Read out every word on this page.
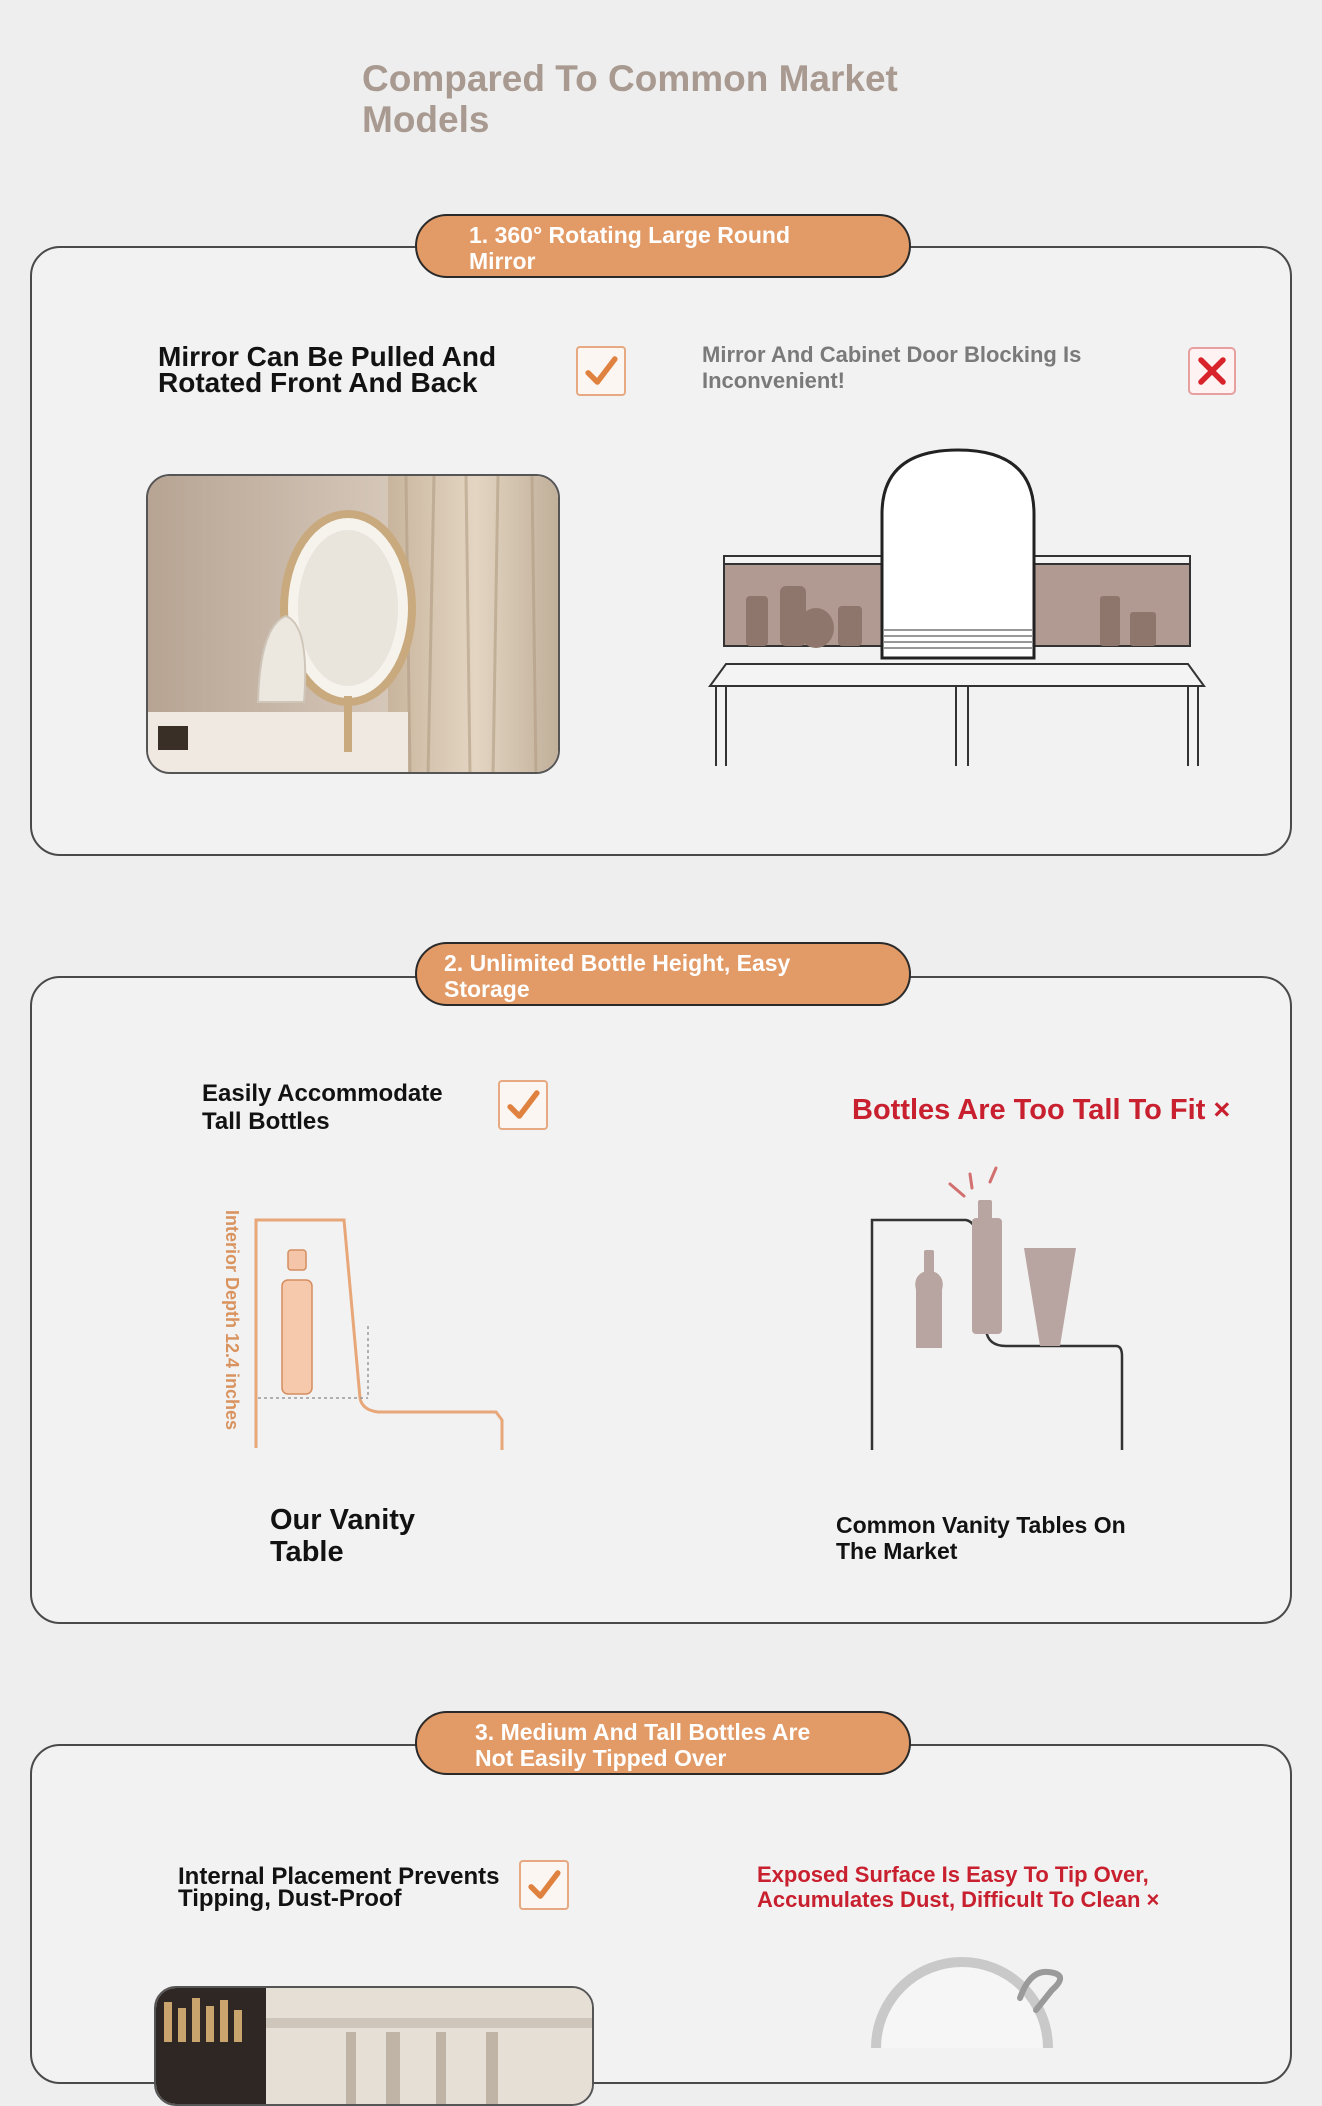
Compared To Common Market Models
1. 360° Rotating Large Round
Mirror
Mirror Can Be Pulled And
Rotated Front And Back
Mirror And Cabinet Door Blocking Is
Inconvenient!
2. Unlimited Bottle Height, Easy
Storage
Easily Accommodate
Tall Bottles	Bottles Are Too Tall To Fit ×
Interior Depth 12.4 inches
Our Vanity
Table
Common Vanity Tables On
The Market
3. Medium And Tall Bottles Are
Not Easily Tipped Over
Internal Placement Prevents
Tipping, Dust-Proof
Exposed Surface Is Easy To Tip Over,
Accumulates Dust, Difficult To Clean ×
